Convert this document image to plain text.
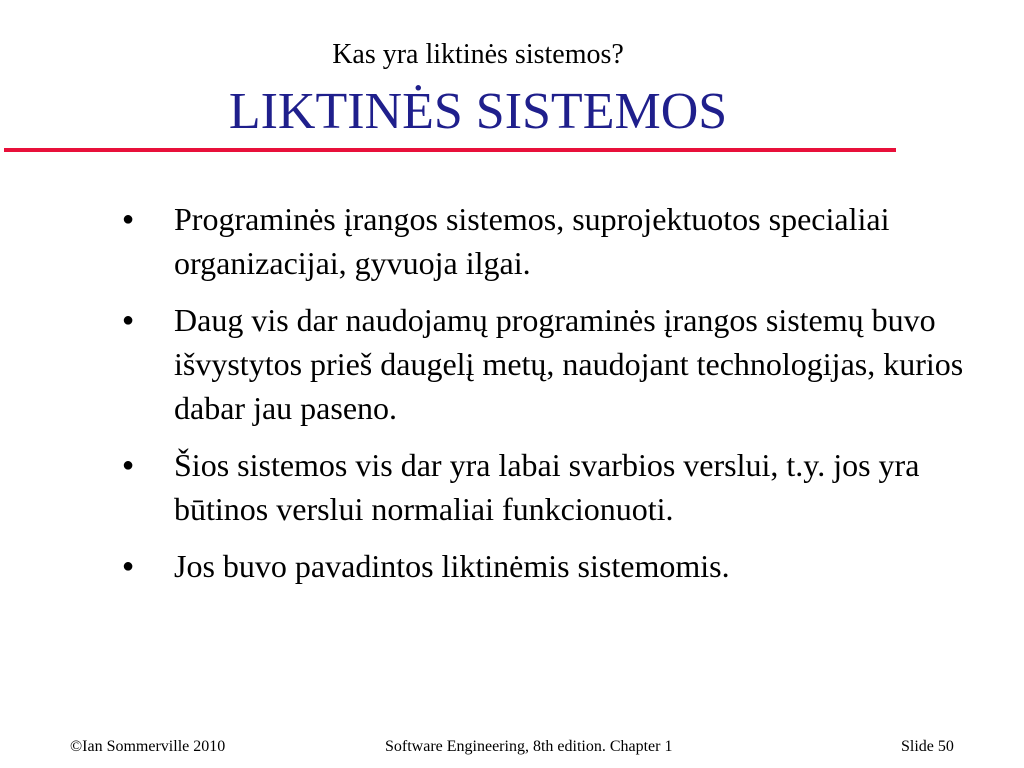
Kas yra liktinės sistemos?
LIKTINĖS SISTEMOS
● Programinės įrangos sistemos, suprojektuotos specialiai organizacijai, gyvuoja ilgai.
● Daug vis dar naudojamų programinės įrangos sistemų buvo išvystytos prieš daugelį metų, naudojant technologijas, kurios dabar jau paseno.
● Šios sistemos vis dar yra labai svarbios verslui, t.y. jos yra būtinos verslui normaliai funkcionuoti.
● Jos buvo pavadintos liktinėmis sistemomis.
©Ian Sommerville 2010	Software Engineering, 8th edition. Chapter 1	Slide 50
